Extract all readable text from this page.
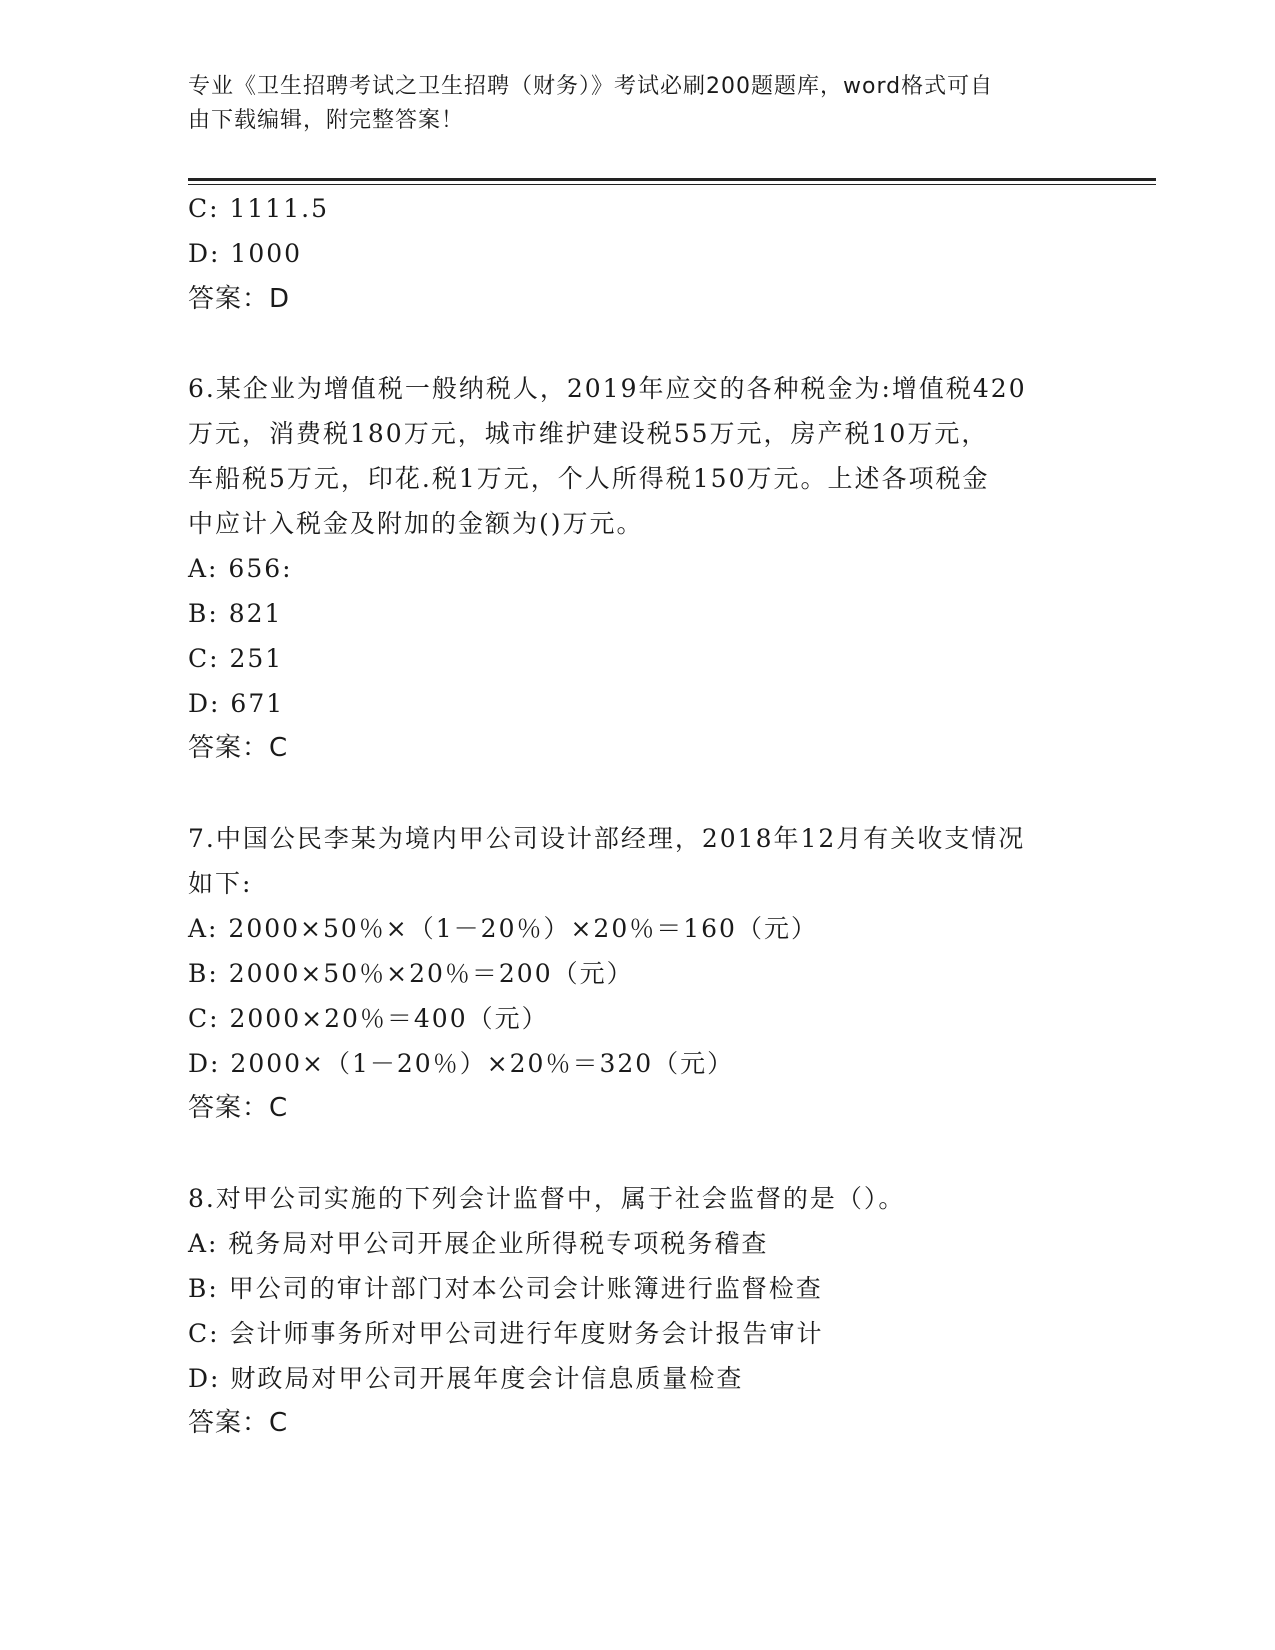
专业《卫生招聘考试之卫生招聘（财务）》考试必刷200题题库，word格式可自
由下载编辑，附完整答案！
C: 1111.5
D: 1000
答案：D
6.某企业为增值税一般纳税人，2019年应交的各种税金为:增值税420
万元，消费税180万元，城市维护建设税55万元，房产税10万元，
车船税5万元，印花.税1万元，个人所得税150万元。上述各项税金
中应计入税金及附加的金额为()万元。
A: 656:
B: 821
C: 251
D: 671
答案：C
7.中国公民李某为境内甲公司设计部经理，2018年12月有关收支情况
如下:
A: 2000×50％×（1－20％）×20％＝160（元）
B: 2000×50％×20％＝200（元）
C: 2000×20％＝400（元）
D: 2000×（1－20％）×20％＝320（元）
答案：C
8.对甲公司实施的下列会计监督中，属于社会监督的是（）。
A: 税务局对甲公司开展企业所得税专项税务稽查
B: 甲公司的审计部门对本公司会计账簿进行监督检查
C: 会计师事务所对甲公司进行年度财务会计报告审计
D: 财政局对甲公司开展年度会计信息质量检查
答案：C
